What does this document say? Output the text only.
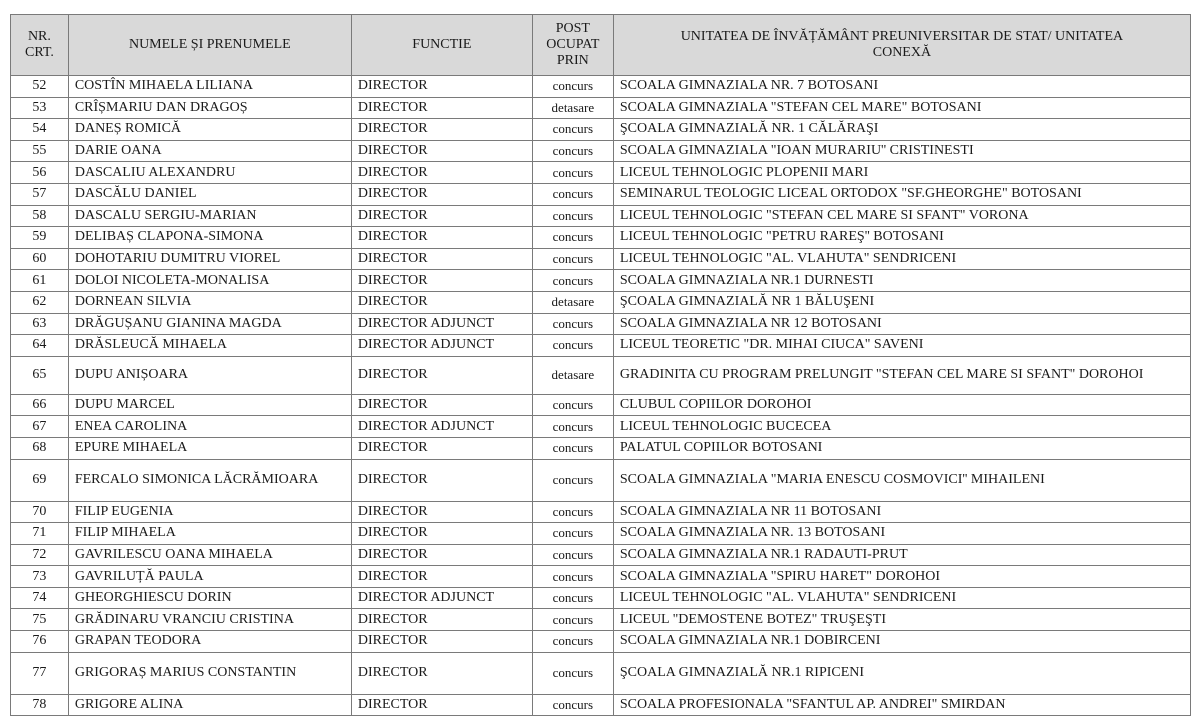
NR. CRT.	NUMELE ȘI PRENUMELE	FUNCTIE	POST OCUPAT PRIN	UNITATEA DE ÎNVĂȚĂMÂNT PREUNIVERSITAR DE STAT/ UNITATEA CONEXĂ
52	COSTÎN MIHAELA LILIANA	DIRECTOR	concurs	SCOALA GIMNAZIALA NR. 7 BOTOSANI
53	CRÎȘMARIU DAN DRAGOȘ	DIRECTOR	detasare	SCOALA GIMNAZIALA "STEFAN CEL MARE" BOTOSANI
54	DANEȘ ROMICĂ	DIRECTOR	concurs	ŞCOALA GIMNAZIALĂ NR. 1 CĂLĂRAŞI
55	DARIE OANA	DIRECTOR	concurs	SCOALA GIMNAZIALA "IOAN MURARIU'' CRISTINESTI
56	DASCALIU ALEXANDRU	DIRECTOR	concurs	LICEUL TEHNOLOGIC PLOPENII MARI
57	DASCĂLU DANIEL	DIRECTOR	concurs	SEMINARUL TEOLOGIC LICEAL ORTODOX "SF.GHEORGHE" BOTOSANI
58	DASCALU SERGIU-MARIAN	DIRECTOR	concurs	LICEUL TEHNOLOGIC "STEFAN CEL MARE SI SFANT" VORONA
59	DELIBAȘ CLAPONA-SIMONA	DIRECTOR	concurs	LICEUL TEHNOLOGIC "PETRU RAREŞ'' BOTOSANI
60	DOHOTARIU DUMITRU VIOREL	DIRECTOR	concurs	LICEUL TEHNOLOGIC "AL. VLAHUTA" SENDRICENI
61	DOLOI NICOLETA-MONALISA	DIRECTOR	concurs	SCOALA GIMNAZIALA NR.1 DURNESTI
62	DORNEAN SILVIA	DIRECTOR	detasare	ŞCOALA GIMNAZIALĂ NR 1 BĂLUŞENI
63	DRĂGUȘANU GIANINA MAGDA	DIRECTOR ADJUNCT	concurs	SCOALA GIMNAZIALA NR 12 BOTOSANI
64	DRĂSLEUCĂ MIHAELA	DIRECTOR ADJUNCT	concurs	LICEUL TEORETIC "DR. MIHAI CIUCA" SAVENI
65	DUPU ANIȘOARA	DIRECTOR	detasare	GRADINITA CU PROGRAM PRELUNGIT "STEFAN CEL MARE SI SFANT" DOROHOI
66	DUPU MARCEL	DIRECTOR	concurs	CLUBUL COPIILOR DOROHOI
67	ENEA CAROLINA	DIRECTOR ADJUNCT	concurs	LICEUL TEHNOLOGIC BUCECEA
68	EPURE MIHAELA	DIRECTOR	concurs	PALATUL COPIILOR BOTOSANI
69	FERCALO SIMONICA LĂCRĂMIOARA	DIRECTOR	concurs	SCOALA GIMNAZIALA "MARIA ENESCU COSMOVICI'' MIHAILENI
70	FILIP EUGENIA	DIRECTOR	concurs	SCOALA GIMNAZIALA NR 11 BOTOSANI
71	FILIP MIHAELA	DIRECTOR	concurs	SCOALA GIMNAZIALA NR. 13 BOTOSANI
72	GAVRILESCU OANA MIHAELA	DIRECTOR	concurs	SCOALA GIMNAZIALA NR.1 RADAUTI-PRUT
73	GAVRILUȚĂ PAULA	DIRECTOR	concurs	SCOALA GIMNAZIALA "SPIRU HARET" DOROHOI
74	GHEORGHIESCU DORIN	DIRECTOR ADJUNCT	concurs	LICEUL TEHNOLOGIC "AL. VLAHUTA" SENDRICENI
75	GRĂDINARU VRANCIU CRISTINA	DIRECTOR	concurs	LICEUL "DEMOSTENE BOTEZ" TRUŞEŞTI
76	GRAPAN TEODORA	DIRECTOR	concurs	SCOALA GIMNAZIALA NR.1 DOBIRCENI
77	GRIGORAȘ MARIUS CONSTANTIN	DIRECTOR	concurs	ŞCOALA GIMNAZIALĂ NR.1 RIPICENI
78	GRIGORE ALINA	DIRECTOR	concurs	SCOALA PROFESIONALA "SFANTUL AP. ANDREI" SMIRDAN
